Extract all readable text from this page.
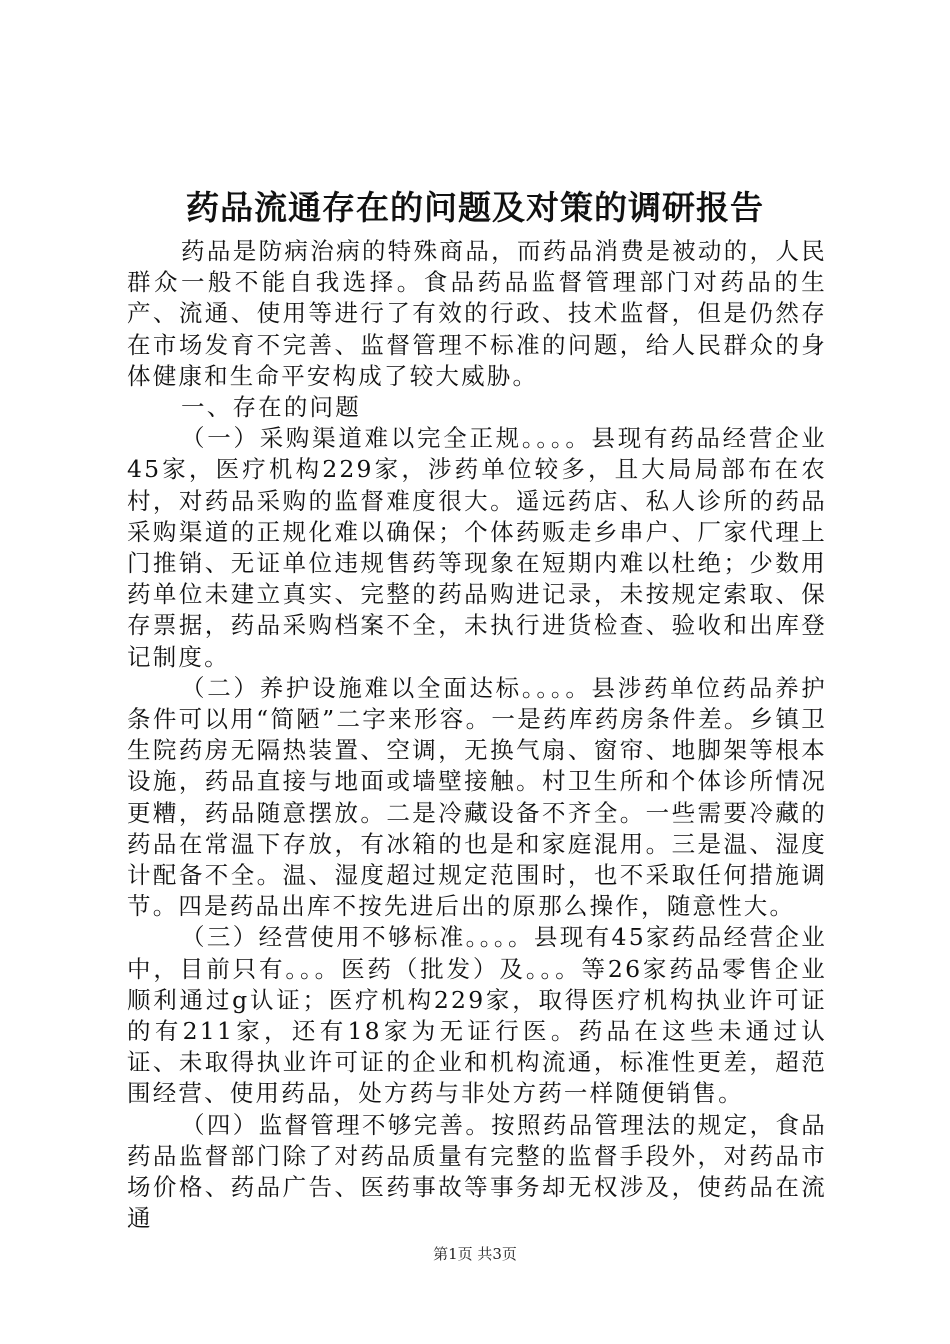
药品流通存在的问题及对策的调研报告

药品是防病治病的特殊商品，而药品消费是被动的，人民群众一般不能自我选择。食品药品监督管理部门对药品的生产、流通、使用等进行了有效的行政、技术监督，但是仍然存在市场发育不完善、监督管理不标准的问题，给人民群众的身体健康和生命平安构成了较大威胁。

一、存在的问题

（一）采购渠道难以完全正规。。。。县现有药品经营企业45家，医疗机构229家，涉药单位较多，且大局局部布在农村，对药品采购的监督难度很大。遥远药店、私人诊所的药品采购渠道的正规化难以确保；个体药贩走乡串户、厂家代理上门推销、无证单位违规售药等现象在短期内难以杜绝；少数用药单位未建立真实、完整的药品购进记录，未按规定索取、保存票据，药品采购档案不全，未执行进货检查、验收和出库登记制度。

（二）养护设施难以全面达标。。。。县涉药单位药品养护条件可以用“简陋”二字来形容。一是药库药房条件差。乡镇卫生院药房无隔热装置、空调，无换气扇、窗帘、地脚架等根本设施，药品直接与地面或墙壁接触。村卫生所和个体诊所情况更糟，药品随意摆放。二是冷藏设备不齐全。一些需要冷藏的药品在常温下存放，有冰箱的也是和家庭混用。三是温、湿度计配备不全。温、湿度超过规定范围时，也不采取任何措施调节。四是药品出库不按先进后出的原那么操作，随意性大。

（三）经营使用不够标准。。。。县现有45家药品经营企业中，目前只有。。。医药（批发）及。。。等26家药品零售企业顺利通过g认证；医疗机构229家，取得医疗机构执业许可证的有211家，还有18家为无证行医。药品在这些未通过认证、未取得执业许可证的企业和机构流通，标准性更差，超范围经营、使用药品，处方药与非处方药一样随便销售。

（四）监督管理不够完善。按照药品管理法的规定，食品药品监督部门除了对药品质量有完整的监督手段外，对药品市场价格、药品广告、医药事故等事务却无权涉及，使药品在流通

第1页 共3页
